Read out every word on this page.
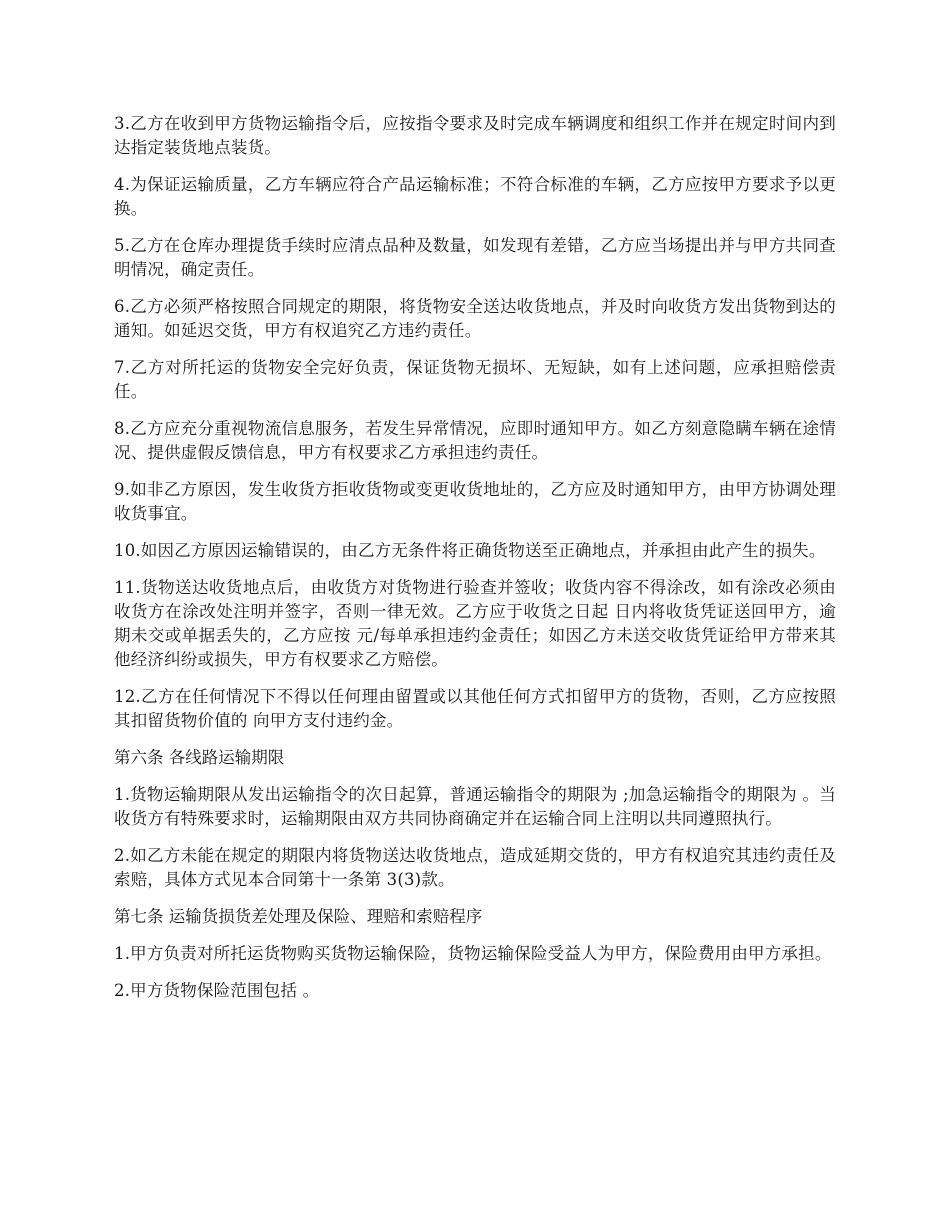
3.乙方在收到甲方货物运输指令后，应按指令要求及时完成车辆调度和组织工作并在规定时间内到达指定装货地点装货。

4.为保证运输质量，乙方车辆应符合产品运输标准；不符合标准的车辆，乙方应按甲方要求予以更换。

5.乙方在仓库办理提货手续时应清点品种及数量，如发现有差错，乙方应当场提出并与甲方共同查明情况，确定责任。

6.乙方必须严格按照合同规定的期限，将货物安全送达收货地点，并及时向收货方发出货物到达的通知。如延迟交货，甲方有权追究乙方违约责任。

7.乙方对所托运的货物安全完好负责，保证货物无损坏、无短缺，如有上述问题，应承担赔偿责任。

8.乙方应充分重视物流信息服务，若发生异常情况，应即时通知甲方。如乙方刻意隐瞒车辆在途情况、提供虚假反馈信息，甲方有权要求乙方承担违约责任。

9.如非乙方原因，发生收货方拒收货物或变更收货地址的，乙方应及时通知甲方，由甲方协调处理收货事宜。

10.如因乙方原因运输错误的，由乙方无条件将正确货物送至正确地点，并承担由此产生的损失。

11.货物送达收货地点后，由收货方对货物进行验查并签收；收货内容不得涂改，如有涂改必须由收货方在涂改处注明并签字，否则一律无效。乙方应于收货之日起 日内将收货凭证送回甲方，逾期未交或单据丢失的，乙方应按 元/每单承担违约金责任；如因乙方未送交收货凭证给甲方带来其他经济纠纷或损失，甲方有权要求乙方赔偿。

12.乙方在任何情况下不得以任何理由留置或以其他任何方式扣留甲方的货物，否则，乙方应按照其扣留货物价值的 向甲方支付违约金。

第六条 各线路运输期限

1.货物运输期限从发出运输指令的次日起算，普通运输指令的期限为 ;加急运输指令的期限为 。当收货方有特殊要求时，运输期限由双方共同协商确定并在运输合同上注明以共同遵照执行。

2.如乙方未能在规定的期限内将货物送达收货地点，造成延期交货的，甲方有权追究其违约责任及索赔，具体方式见本合同第十一条第 3(3)款。

第七条 运输货损货差处理及保险、理赔和索赔程序

1.甲方负责对所托运货物购买货物运输保险，货物运输保险受益人为甲方，保险费用由甲方承担。

2.甲方货物保险范围包括 。
